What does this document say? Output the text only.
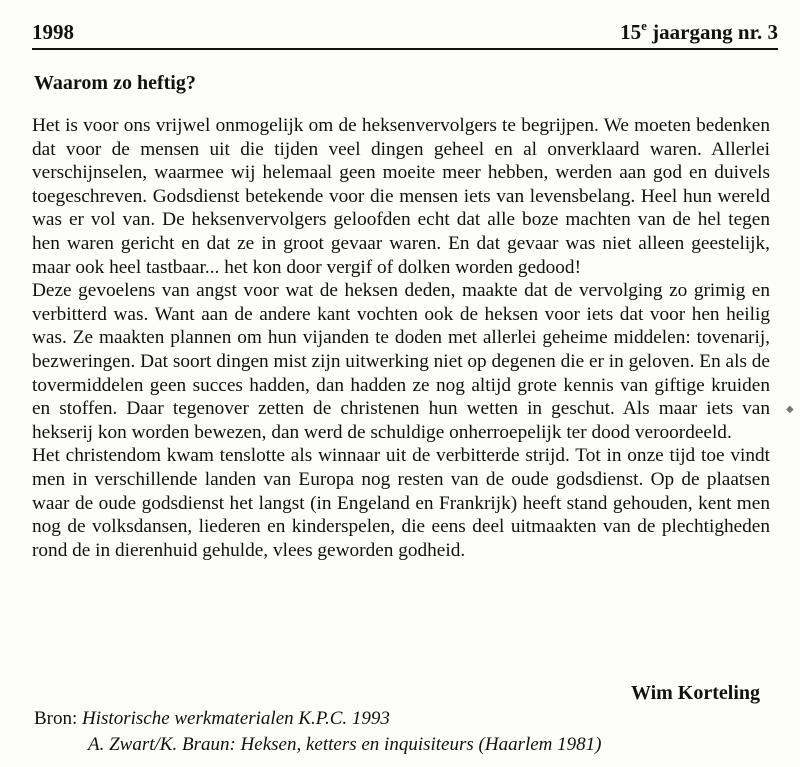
1998	15e jaargang nr. 3
Waarom zo heftig?

Het is voor ons vrijwel onmogelijk om de heksenvervolgers te begrijpen. We moeten bedenken dat voor de mensen uit die tijden veel dingen geheel en al onverklaard waren. Allerlei verschijnselen, waarmee wij helemaal geen moeite meer hebben, werden aan god en duivels toegeschreven. Godsdienst betekende voor die mensen iets van levensbelang. Heel hun wereld was er vol van. De heksenvervolgers geloofden echt dat alle boze machten van de hel tegen hen waren gericht en dat ze in groot gevaar waren. En dat gevaar was niet alleen geestelijk, maar ook heel tastbaar... het kon door vergif of dolken worden gedood!

Deze gevoelens van angst voor wat de heksen deden, maakte dat de vervolging zo grimig en verbitterd was. Want aan de andere kant vochten ook de heksen voor iets dat voor hen heilig was. Ze maakten plannen om hun vijanden te doden met allerlei geheime middelen: tovenarij, bezweringen. Dat soort dingen mist zijn uitwerking niet op degenen die er in geloven. En als de tovermiddelen geen succes hadden, dan hadden ze nog altijd grote kennis van giftige kruiden en stoffen. Daar tegenover zetten de christenen hun wetten in geschut. Als maar iets van hekserij kon worden bewezen, dan werd de schuldige onherroepelijk ter dood veroordeeld.

Het christendom kwam tenslotte als winnaar uit de verbitterde strijd. Tot in onze tijd toe vindt men in verschillende landen van Europa nog resten van de oude godsdienst. Op de plaatsen waar de oude godsdienst het langst (in Engeland en Frankrijk) heeft stand gehouden, kent men nog de volksdansen, liederen en kinderspelen, die eens deel uitmaakten van de plechtigheden rond de in dierenhuid gehulde, vlees geworden godheid.

Wim Korteling
Bron: Historische werkmaterialen K.P.C. 1993
A. Zwart/K. Braun: Heksen, ketters en inquisiteurs (Haarlem 1981)
◆
